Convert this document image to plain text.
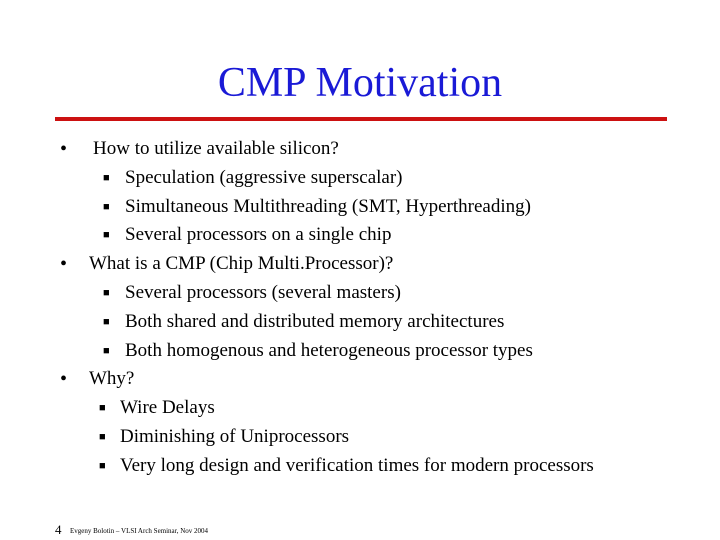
CMP Motivation
• How to utilize available silicon?
■ Speculation (aggressive superscalar)
■ Simultaneous Multithreading (SMT, Hyperthreading)
■ Several processors on a single chip
• What is a CMP (Chip Multi.Processor)?
■ Several processors (several masters)
■ Both shared and distributed memory architectures
■ Both homogenous and heterogeneous processor types
• Why?
■ Wire Delays
■ Diminishing of Uniprocessors
■ Very long design and verification times for modern processors
4 Evgeny Bolotin – VLSI Arch Seminar, Nov 2004
